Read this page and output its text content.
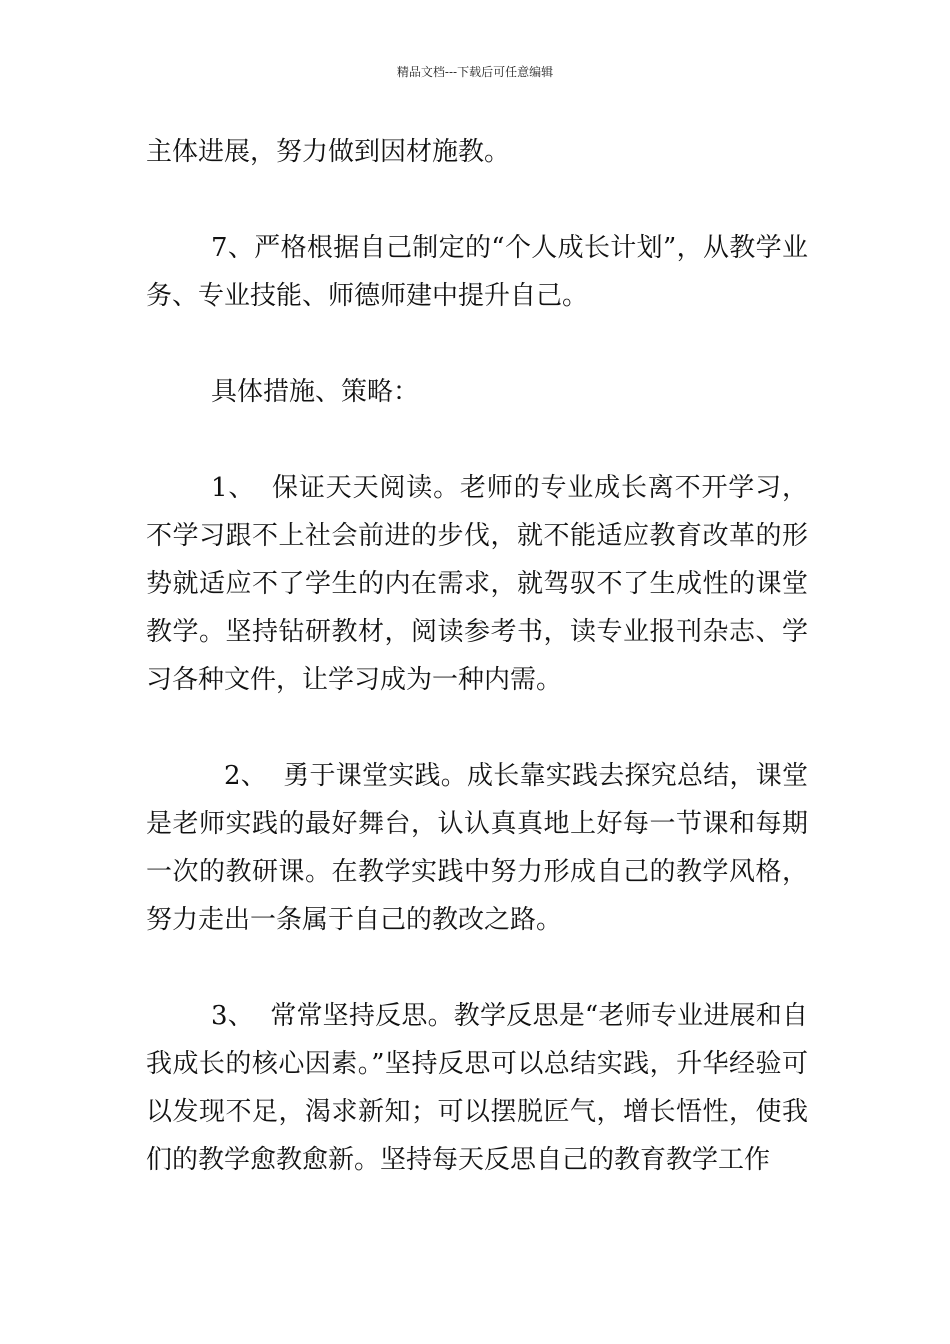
精品文档---下载后可任意编辑

主体进展，努力做到因材施教。

7、严格根据自己制定的“个人成长计划”，从教学业务、专业技能、师德师建中提升自己。

具体措施、策略：

1、 保证天天阅读。老师的专业成长离不开学习，不学习跟不上社会前进的步伐，就不能适应教育改革的形势就适应不了学生的内在需求，就驾驭不了生成性的课堂教学。坚持钻研教材，阅读参考书，读专业报刊杂志、学习各种文件，让学习成为一种内需。

2、 勇于课堂实践。成长靠实践去探究总结，课堂是老师实践的最好舞台，认认真真地上好每一节课和每期一次的教研课。在教学实践中努力形成自己的教学风格，努力走出一条属于自己的教改之路。

3、 常常坚持反思。教学反思是“老师专业进展和自我成长的核心因素。”坚持反思可以总结实践，升华经验可以发现不足，渴求新知；可以摆脱匠气，增长悟性，使我们的教学愈教愈新。坚持每天反思自己的教育教学工作
